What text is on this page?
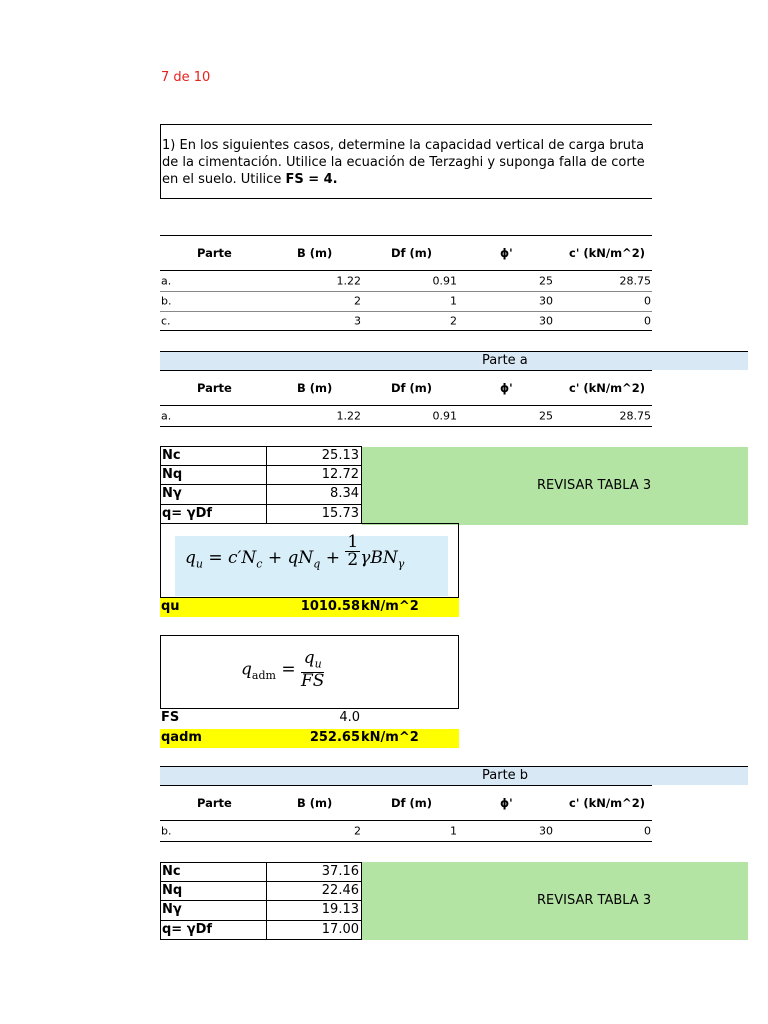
7 de 10
1) En los siguientes casos, determine la capacidad vertical de carga bruta
de la cimentación. Utilice la ecuación de Terzaghi y suponga falla de corte
en el suelo. Utilice FS = 4.
Parte	B (m)	Df (m)	ϕ'	c' (kN/m^2)
a.	1.22	0.91	25	28.75
b.	2	1	30	0
c.	3	2	30	0
Parte a
Parte	B (m)	Df (m)	ϕ'	c' (kN/m^2)
a.	1.22	0.91	25	28.75
Nc	25.13
Nq	12.72
Nγ	8.34
q= γDf	15.73
REVISAR TABLA 3
$q_u = c'N_c + qN_q + \frac{1}{2} \gamma BN_\gamma$
qu	1010.58 kN/m^2
$q_{adm} = \frac{q_u}{FS}$
FS	4.0
qadm	252.65 kN/m^2
Parte b
Parte	B (m)	Df (m)	ϕ'	c' (kN/m^2)
b.	2	1	30	0
Nc	37.16
Nq	22.46
Nγ	19.13
q= γDf	17.00
REVISAR TABLA 3
